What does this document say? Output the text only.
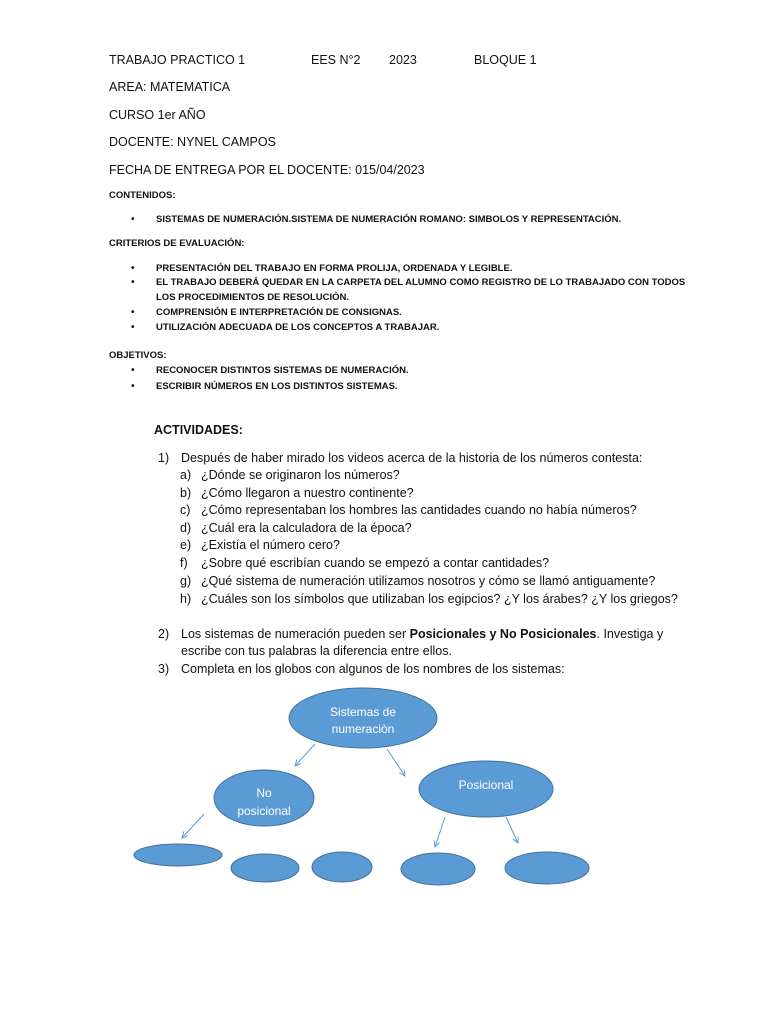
TRABAJO PRACTICO 1	EES N°2 2023	BLOQUE 1
AREA: MATEMATICA
CURSO 1er AÑO
DOCENTE: NYNEL CAMPOS
FECHA DE ENTREGA POR EL DOCENTE: 015/04/2023
CONTENIDOS:
• SISTEMAS DE NUMERACIÓN.SISTEMA DE NUMERACIÓN ROMANO: SIMBOLOS Y REPRESENTACIÓN.
CRITERIOS DE EVALUACIÓN:
• PRESENTACIÓN DEL TRABAJO EN FORMA PROLIJA, ORDENADA Y LEGIBLE.
• EL TRABAJO DEBERÁ QUEDAR EN LA CARPETA DEL ALUMNO COMO REGISTRO DE LO TRABAJADO CON TODOS
LOS PROCEDIMIENTOS DE RESOLUCIÒN.
• COMPRENSIÓN E INTERPRETACIÓN DE CONSIGNAS.
• UTILIZACIÓN ADECUADA DE LOS CONCEPTOS A TRABAJAR.
OBJETIVOS:
• RECONOCER DISTINTOS SISTEMAS DE NUMERACIÓN.
• ESCRIBIR NÚMEROS EN LOS DISTINTOS SISTEMAS.
ACTIVIDADES:
1) Después de haber mirado los videos acerca de la historia de los números contesta:
a) ¿Dónde se originaron los números?
b) ¿Cómo llegaron a nuestro continente?
c) ¿Cómo representaban los hombres las cantidades cuando no había números?
d) ¿Cuál era la calculadora de la época?
e) ¿Existía el número cero?
f) ¿Sobre qué escribían cuando se empezó a contar cantidades?
g) ¿Qué sistema de numeración utilizamos nosotros y cómo se llamó antiguamente?
h) ¿Cuáles son los símbolos que utilizaban los egipcios? ¿Y los árabes? ¿Y los griegos?
2) Los sistemas de numeración pueden ser Posicionales y No Posicionales. Investiga y
escribe con tus palabras la diferencia entre ellos.
3) Completa en los globos con algunos de los nombres de los sistemas:
Sistemas de
numeraciòn
No
posicional
Posicional
